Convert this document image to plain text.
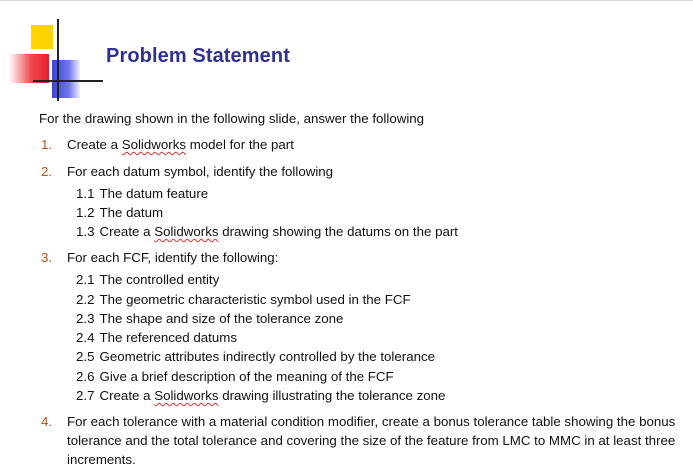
Problem Statement

For the drawing shown in the following slide, answer the following

1. Create a Solidworks model for the part
2. For each datum symbol, identify the following
1.1 The datum feature
1.2 The datum
1.3 Create a Solidworks drawing showing the datums on the part
3. For each FCF, identify the following:
2.1 The controlled entity
2.2 The geometric characteristic symbol used in the FCF
2.3 The shape and size of the tolerance zone
2.4 The referenced datums
2.5 Geometric attributes indirectly controlled by the tolerance
2.6 Give a brief description of the meaning of the FCF
2.7 Create a Solidworks drawing illustrating the tolerance zone
4. For each tolerance with a material condition modifier, create a bonus tolerance table showing the bonus tolerance and the total tolerance and covering the size of the feature from LMC to MMC in at least three increments.
